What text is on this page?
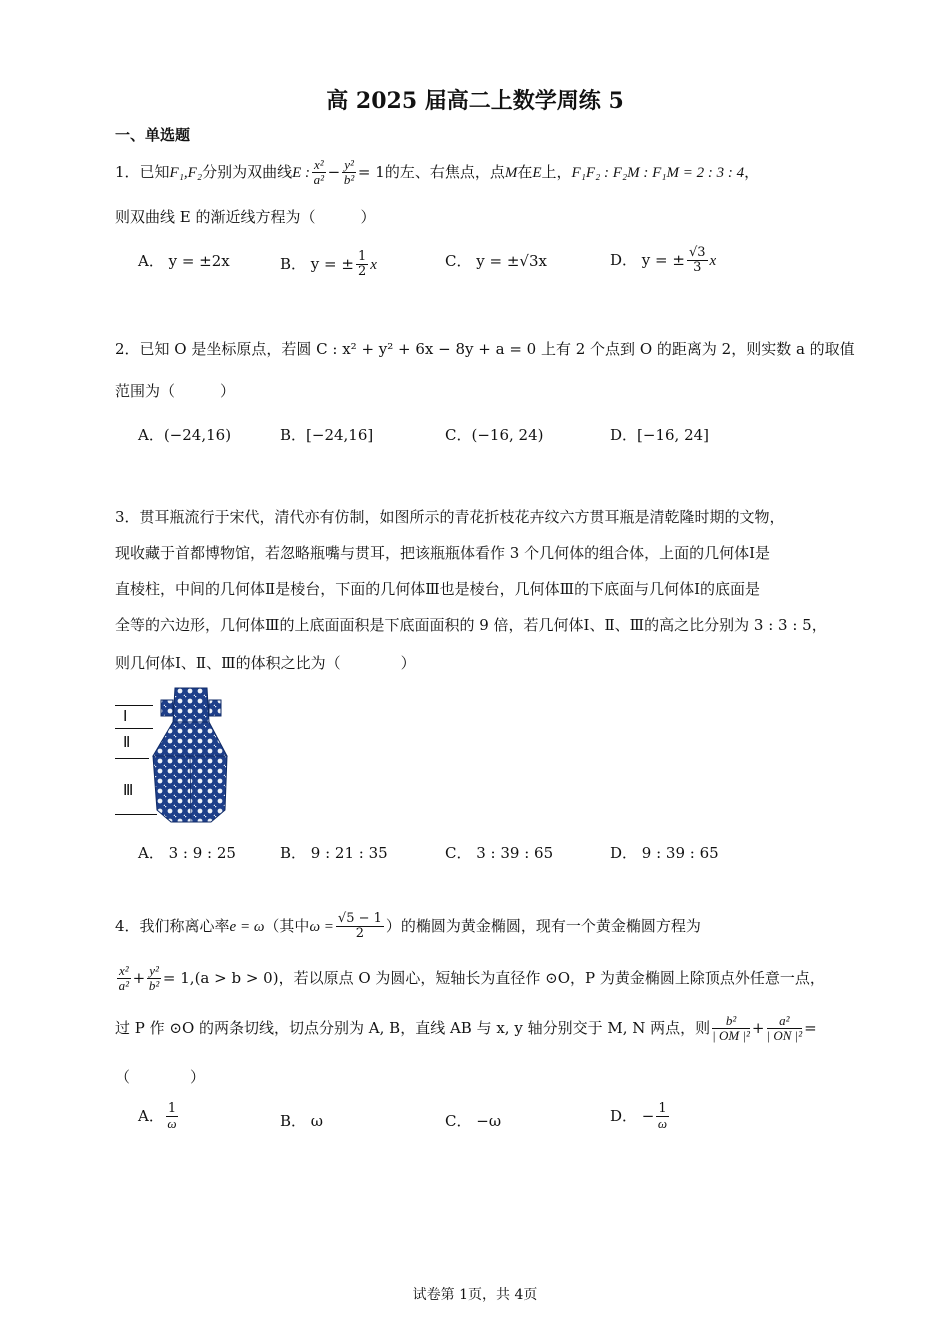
高 2025 届高二上数学周练 5
一、单选题
1．已知F₁,F₂分别为双曲线E : $\frac{\text{x²}}{\text{a²}} - \frac{\text{y²}}{\text{b²}} = 1$的左、右焦点，点M在E上，F₁F₂ : F₂M : F₁M = 2 : 3 : 4，
则双曲线 E 的渐近线方程为（　　　）
A． y = ±2x	B． y = ± $\frac{1}{2}$ x	C． y = ±√3x	D． y = ± $\frac{√3}{3}$ x
2．已知 O 是坐标原点，若圆 C : x² + y² + 6x − 8y + a = 0 上有 2 个点到 O 的距离为 2，则实数 a 的取值
范围为（　　　）
A．(−24,16)	B．[−24,16]	C．(−16, 24)	D．[−16, 24]
3．贯耳瓶流行于宋代，清代亦有仿制，如图所示的青花折枝花卉纹六方贯耳瓶是清乾隆时期的文物，
现收藏于首都博物馆，若忽略瓶嘴与贯耳，把该瓶瓶体看作 3 个几何体的组合体，上面的几何体Ⅰ是
直棱柱，中间的几何体Ⅱ是棱台，下面的几何体Ⅲ也是棱台，几何体Ⅲ的下底面与几何体Ⅰ的底面是
全等的六边形，几何体Ⅲ的上底面面积是下底面面积的 9 倍，若几何体Ⅰ、Ⅱ、Ⅲ的高之比分别为 3 : 3 : 5，
则几何体Ⅰ、Ⅱ、Ⅲ的体积之比为（　　　　）
Ⅰ
Ⅱ
Ⅲ
A． 3 : 9 : 25	B． 9 : 21 : 35	C． 3 : 39 : 65	D． 9 : 39 : 65
4．我们称离心率e = ω（其中$\omega = \frac{√5 - 1}{2}$ ）的椭圆为黄金椭圆，现有一个黄金椭圆方程为
$\frac{\text{x²}}{\text{a²}} + \frac{\text{y²}}{\text{b²}} = 1,(a > b > 0)$，若以原点 O 为圆心，短轴长为直径作 ⊙O，P 为黄金椭圆上除顶点外任意一点，
过 P 作 ⊙O 的两条切线，切点分别为 A, B，直线 AB 与 x, y 轴分别交于 M, N 两点，则 $\frac{\text{b²}}{\text{| OM |²}} + \frac{\text{a²}}{\text{| ON |²}}$ =
（　　　　）
A． $\frac{1}{\omega}$	B． ω	C． −ω	D． − $\frac{1}{\omega}$
试卷第 1页，共 4页
